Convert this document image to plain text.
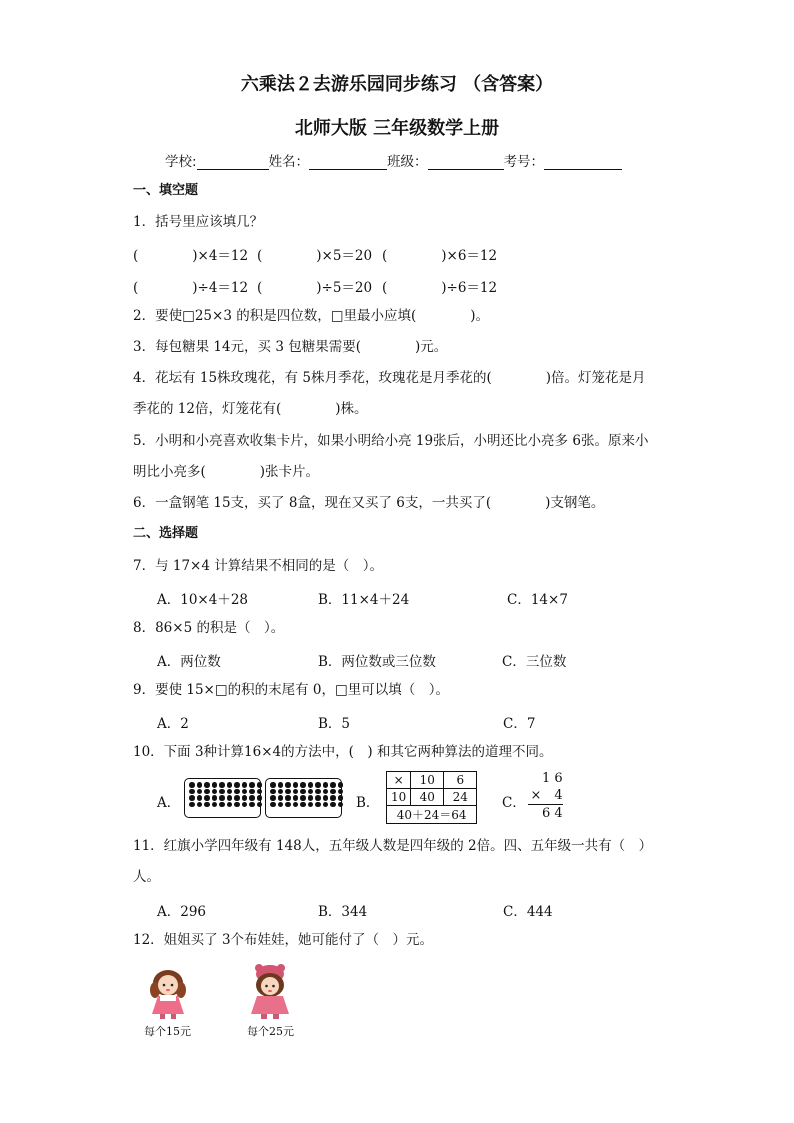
六乘法２去游乐园同步练习 （含答案）
北师大版 三年级数学上册
学校:	姓名：	班级：	考号：
一、填空题
1．括号里应该填几？
(　　　　)×4＝12 (　　　　)×5＝20 (　　　　)×6＝12
(　　　　)÷4＝12 (　　　　)÷5＝20 (　　　　)÷6＝12
2．要使□25×3 的积是四位数，□里最小应填(　　　　)。
3．每包糖果 14元，买 3 包糖果需要(　　　　)元。
4．花坛有 15株玫瑰花，有 5株月季花，玫瑰花是月季花的(　　　　)倍。灯笼花是月
季花的 12倍，灯笼花有(　　　　)株。
5．小明和小亮喜欢收集卡片，如果小明给小亮 19张后，小明还比小亮多 6张。原来小
明比小亮多(　　　　)张卡片。
6．一盒钢笔 15支，买了 8盒，现在又买了 6支，一共买了(　　　　)支钢笔。
二、选择题
7．与 17×4 计算结果不相同的是（　）。
A．10×4＋28	B．11×4＋24	C．14×7
8．86×5 的积是（　）。
A．两位数	B．两位数或三位数	C．三位数
9．要使 15×□的积的末尾有 0，□里可以填（　）。
A．2	B．5	C．7
10．下面 3种计算16×4的方法中，(　) 和其它两种算法的道理不同。
A．	B．
×	10	6
10	40	24
40＋24＝64		
C．
1 6
×　4
6 4
11．红旗小学四年级有 148人，五年级人数是四年级的 2倍。四、五年级一共有（　）
人。
A．296	B．344	C．444
12．姐姐买了 3个布娃娃，她可能付了（　）元。
每个15元	每个25元
